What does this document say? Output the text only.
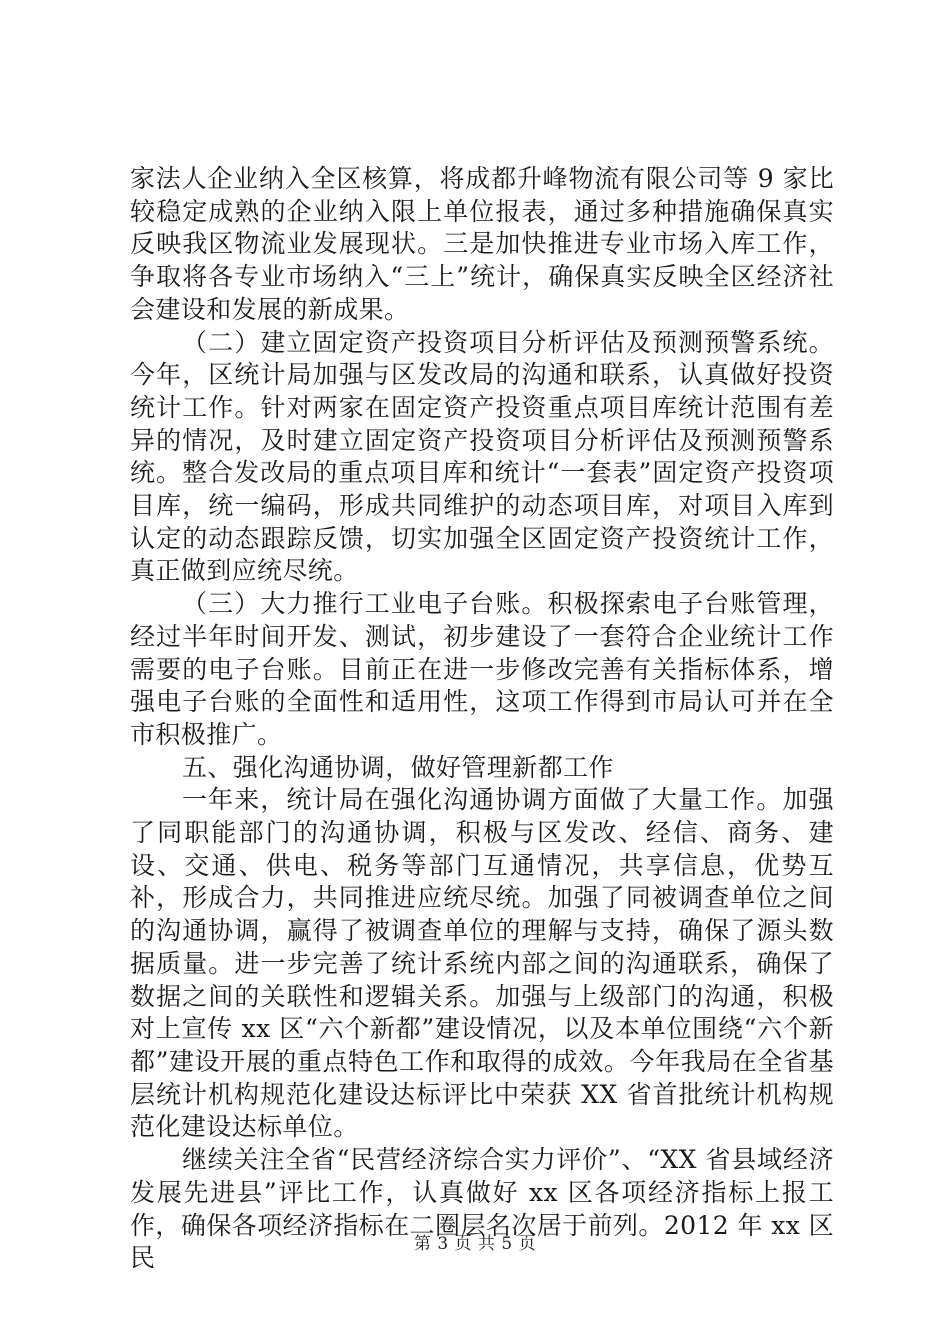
家法人企业纳入全区核算，将成都升峰物流有限公司等 9 家比较稳定成熟的企业纳入限上单位报表，通过多种措施确保真实反映我区物流业发展现状。三是加快推进专业市场入库工作，争取将各专业市场纳入“三上”统计，确保真实反映全区经济社会建设和发展的新成果。

（二）建立固定资产投资项目分析评估及预测预警系统。今年，区统计局加强与区发改局的沟通和联系，认真做好投资统计工作。针对两家在固定资产投资重点项目库统计范围有差异的情况，及时建立固定资产投资项目分析评估及预测预警系统。整合发改局的重点项目库和统计“一套表”固定资产投资项目库，统一编码，形成共同维护的动态项目库，对项目入库到认定的动态跟踪反馈，切实加强全区固定资产投资统计工作，真正做到应统尽统。

（三）大力推行工业电子台账。积极探索电子台账管理，经过半年时间开发、测试，初步建设了一套符合企业统计工作需要的电子台账。目前正在进一步修改完善有关指标体系，增强电子台账的全面性和适用性，这项工作得到市局认可并在全市积极推广。

五、强化沟通协调，做好管理新都工作

一年来，统计局在强化沟通协调方面做了大量工作。加强了同职能部门的沟通协调，积极与区发改、经信、商务、建设、交通、供电、税务等部门互通情况，共享信息，优势互补，形成合力，共同推进应统尽统。加强了同被调查单位之间的沟通协调，赢得了被调查单位的理解与支持，确保了源头数据质量。进一步完善了统计系统内部之间的沟通联系，确保了数据之间的关联性和逻辑关系。加强与上级部门的沟通，积极对上宣传 xx 区“六个新都”建设情况，以及本单位围绕“六个新都”建设开展的重点特色工作和取得的成效。今年我局在全省基层统计机构规范化建设达标评比中荣获 XX 省首批统计机构规范化建设达标单位。

继续关注全省“民营经济综合实力评价”、“XX 省县域经济发展先进县”评比工作，认真做好 xx 区各项经济指标上报工作，确保各项经济指标在二圈层名次居于前列。2012 年 xx 区民	第 3 页 共 5 页
